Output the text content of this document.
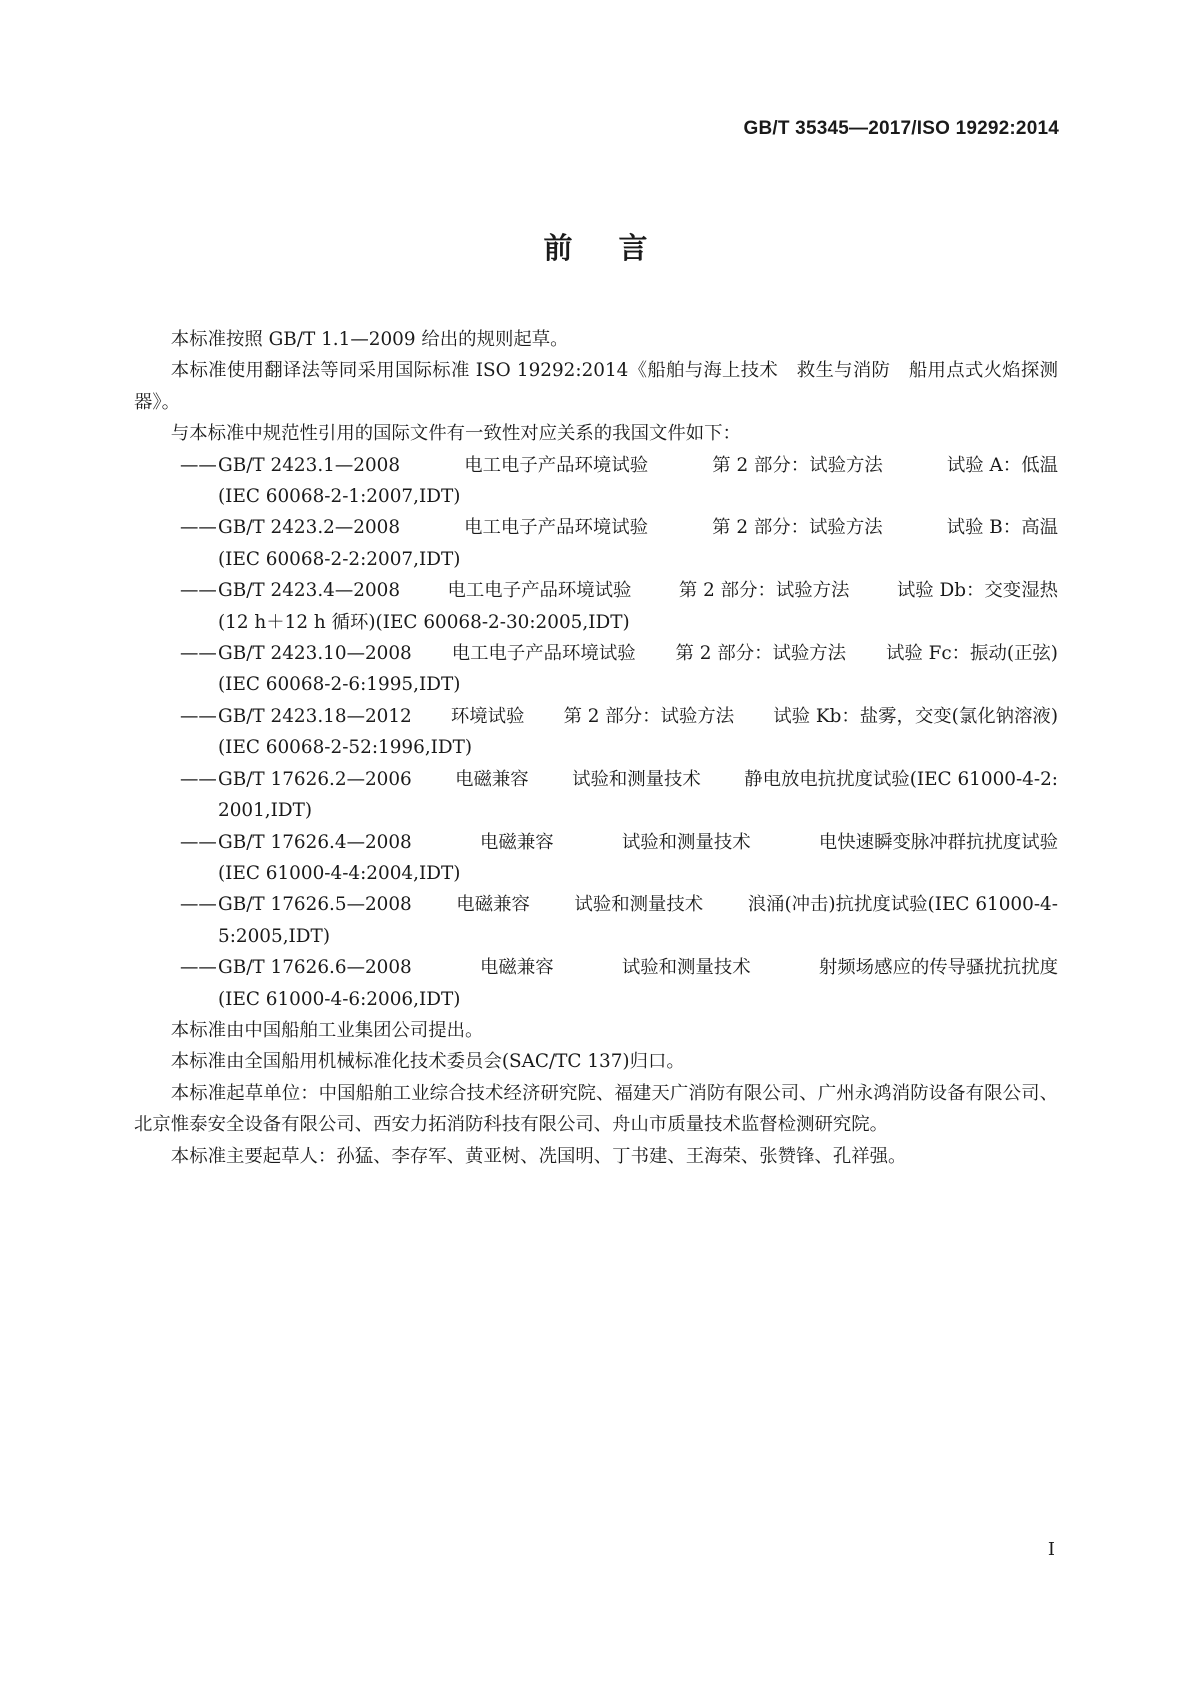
GB/T 35345—2017/ISO 19292:2014
前言

本标准按照 GB/T 1.1—2009 给出的规则起草。

本标准使用翻译法等同采用国际标准 ISO 19292:2014《船舶与海上技术　救生与消防　船用点式火焰探测器》。

与本标准中规范性引用的国际文件有一致性对应关系的我国文件如下：

—— GB/T 2423.1—2008	电工电子产品环境试验	第 2 部分：试验方法	试验 A：低温
(IEC 60068-2-1:2007,IDT)
—— GB/T 2423.2—2008	电工电子产品环境试验	第 2 部分：试验方法	试验 B：高温
(IEC 60068-2-2:2007,IDT)
—— GB/T 2423.4—2008	电工电子产品环境试验	第 2 部分：试验方法	试验 Db：交变湿热
(12 h＋12 h 循环)(IEC 60068-2-30:2005,IDT)
—— GB/T 2423.10—2008 电工电子产品环境试验 第 2 部分：试验方法 试验 Fc：振动(正弦)
(IEC 60068-2-6:1995,IDT)
—— GB/T 2423.18—2012 环境试验 第 2 部分：试验方法 试验 Kb：盐雾，交变(氯化钠溶液)
(IEC 60068-2-52:1996,IDT)
—— GB/T 17626.2—2006 电磁兼容 试验和测量技术 静电放电抗扰度试验(IEC 61000-4-2:
2001,IDT)
—— GB/T 17626.4—2008	电磁兼容	试验和测量技术	电快速瞬变脉冲群抗扰度试验
(IEC 61000-4-4:2004,IDT)
—— GB/T 17626.5—2008 电磁兼容 试验和测量技术 浪涌(冲击)抗扰度试验(IEC 61000-4-
5:2005,IDT)
—— GB/T 17626.6—2008	电磁兼容	试验和测量技术	射频场感应的传导骚扰抗扰度
(IEC 61000-4-6:2006,IDT)

本标准由中国船舶工业集团公司提出。

本标准由全国船用机械标准化技术委员会(SAC/TC 137)归口。

本标准起草单位：中国船舶工业综合技术经济研究院、福建天广消防有限公司、广州永鸿消防设备有限公司、北京惟泰安全设备有限公司、西安力拓消防科技有限公司、舟山市质量技术监督检测研究院。

本标准主要起草人：孙猛、李存军、黄亚树、冼国明、丁书建、王海荣、张赞锋、孔祥强。

I
